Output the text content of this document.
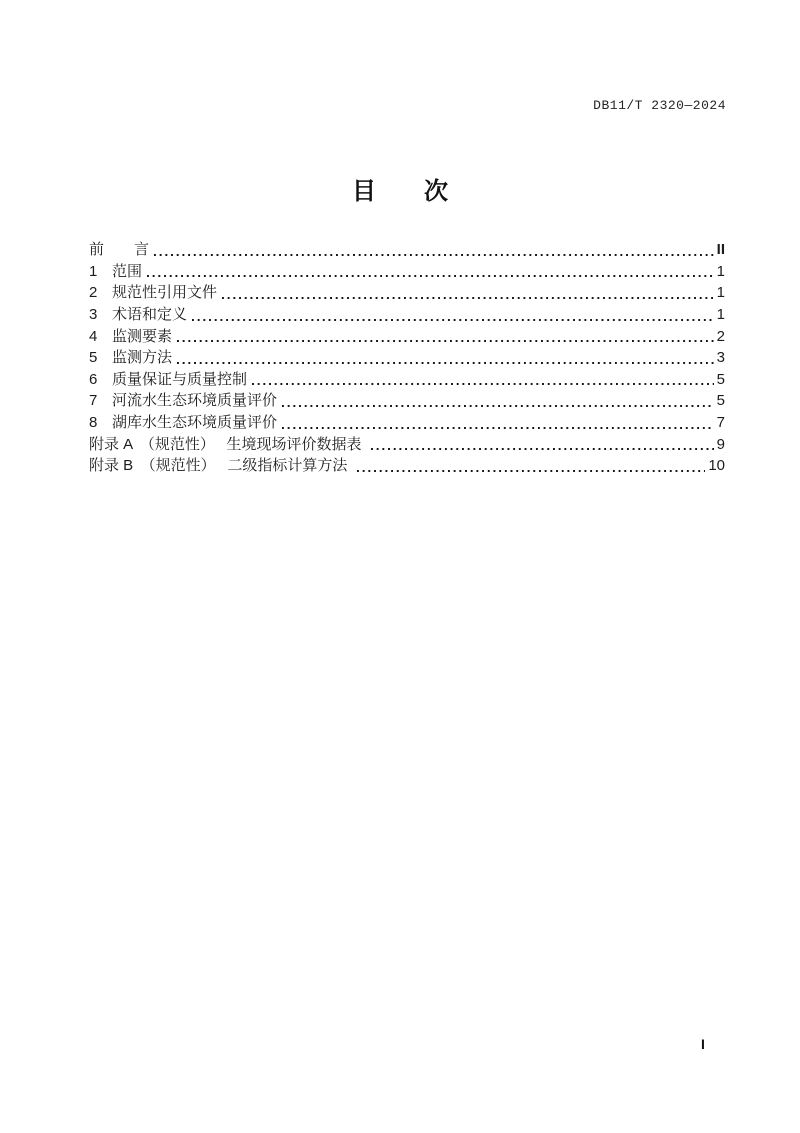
DB11/T 2320—2024
目　　次
前　　言	II
1 范围	1
2 规范性引用文件	1
3 术语和定义	1
4 监测要素	2
5 监测方法	3
6 质量保证与质量控制	5
7 河流水生态环境质量评价	5
8 湖库水生态环境质量评价	7
附录 A　（规范性）　 生境现场评价数据表	9
附录 B　（规范性）　 二级指标计算方法	10
I
